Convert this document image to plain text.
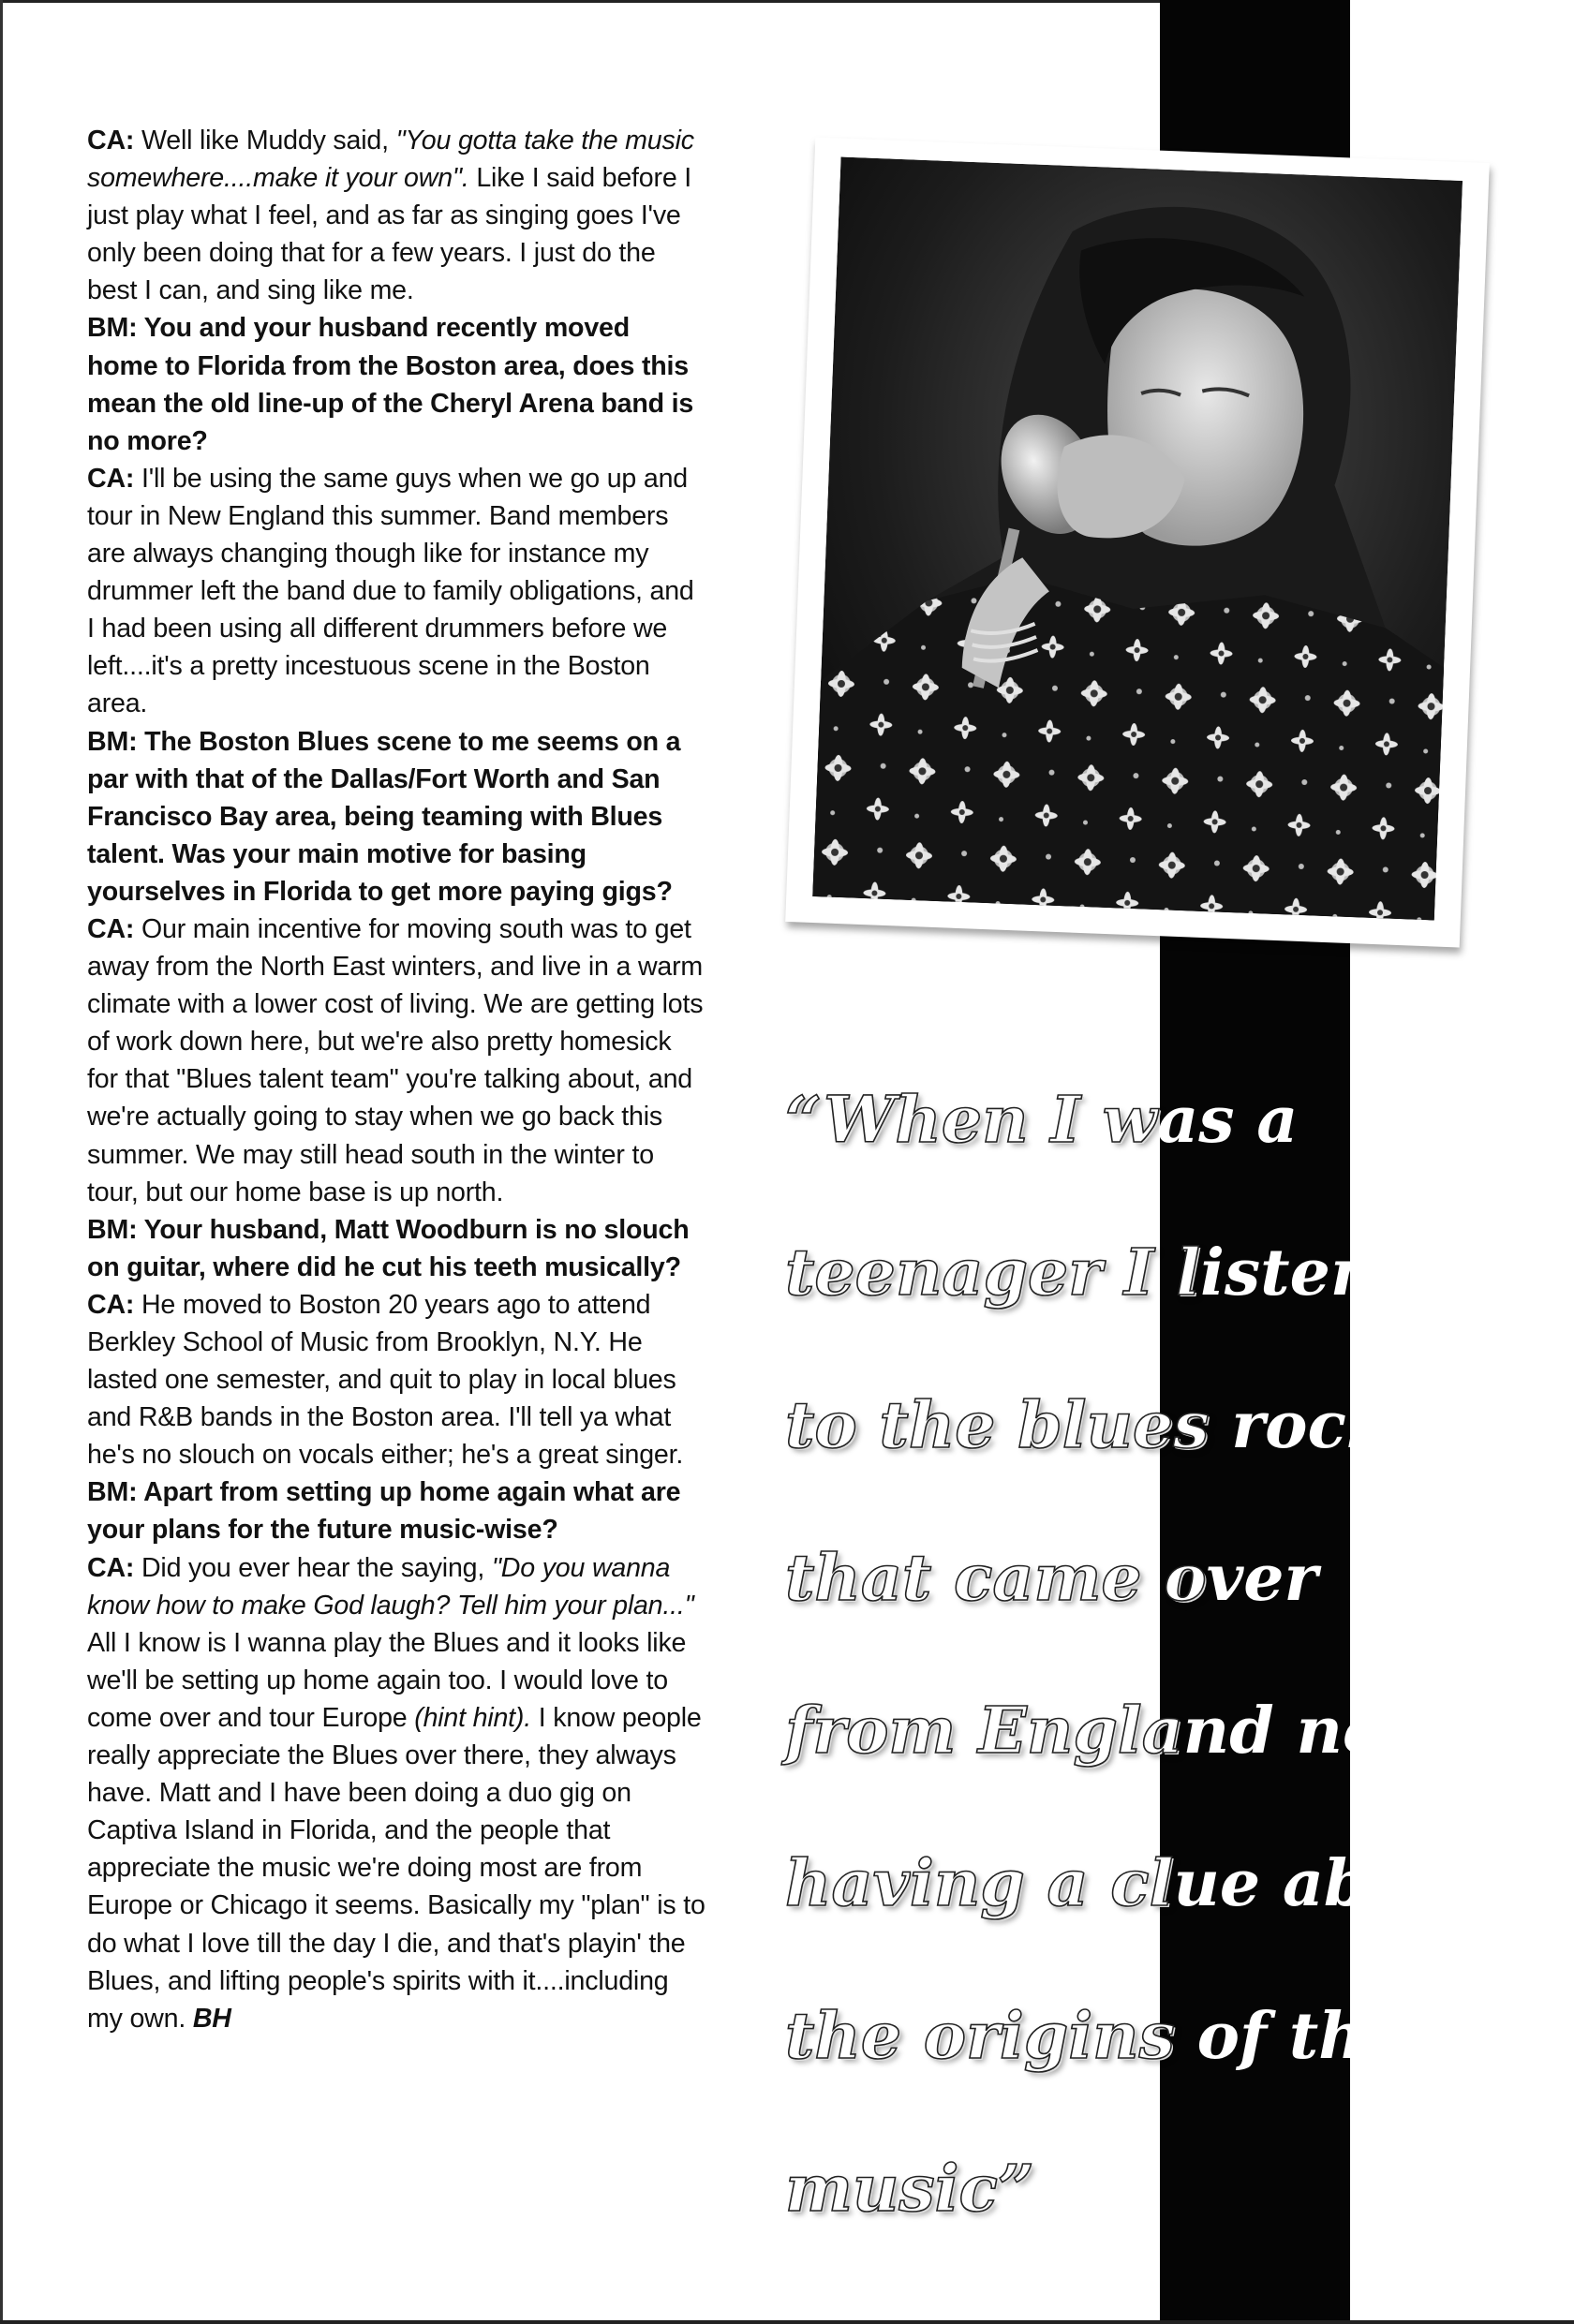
CA: Well like Muddy said, "You gotta take the music somewhere....make it your own". Like I said before I just play what I feel, and as far as singing goes I've only been doing that for a few years. I just do the best I can, and sing like me.

BM: You and your husband recently moved home to Florida from the Boston area, does this mean the old line-up of the Cheryl Arena band is no more?

CA: I'll be using the same guys when we go up and tour in New England this summer. Band members are always changing though like for instance my drummer left the band due to family obligations, and I had been using all different drummers before we left....it's a pretty incestuous scene in the Boston area.

BM: The Boston Blues scene to me seems on a par with that of the Dallas/Fort Worth and San Francisco Bay area, being teaming with Blues talent. Was your main motive for basing yourselves in Florida to get more paying gigs?

CA: Our main incentive for moving south was to get away from the North East winters, and live in a warm climate with a lower cost of living. We are getting lots of work down here, but we're also pretty homesick for that "Blues talent team" you're talking about, and we're actually going to stay when we go back this summer. We may still head south in the winter to tour, but our home base is up north.

BM: Your husband, Matt Woodburn is no slouch on guitar, where did he cut his teeth musically?

CA: He moved to Boston 20 years ago to attend Berkley School of Music from Brooklyn, N.Y. He lasted one semester, and quit to play in local blues and R&B bands in the Boston area. I'll tell ya what he's no slouch on vocals either; he's a great singer.

BM: Apart from setting up home again what are your plans for the future music-wise?

CA: Did you ever hear the saying, "Do you wanna know how to make God laugh? Tell him your plan..." All I know is I wanna play the Blues and it looks like we'll be setting up home again too. I would love to come over and tour Europe (hint hint). I know people really appreciate the Blues over there, they always have. Matt and I have been doing a duo gig on Captiva Island in Florida, and the people that appreciate the music we're doing most are from Europe or Chicago it seems. Basically my "plan" is to do what I love till the day I die, and that's playin' the Blues, and lifting people's spirits with it....including my own. BH

“When I was a
teenager I listened
to the blues rockers
that came over
from England not
having a clue about
the origins of the
music”
